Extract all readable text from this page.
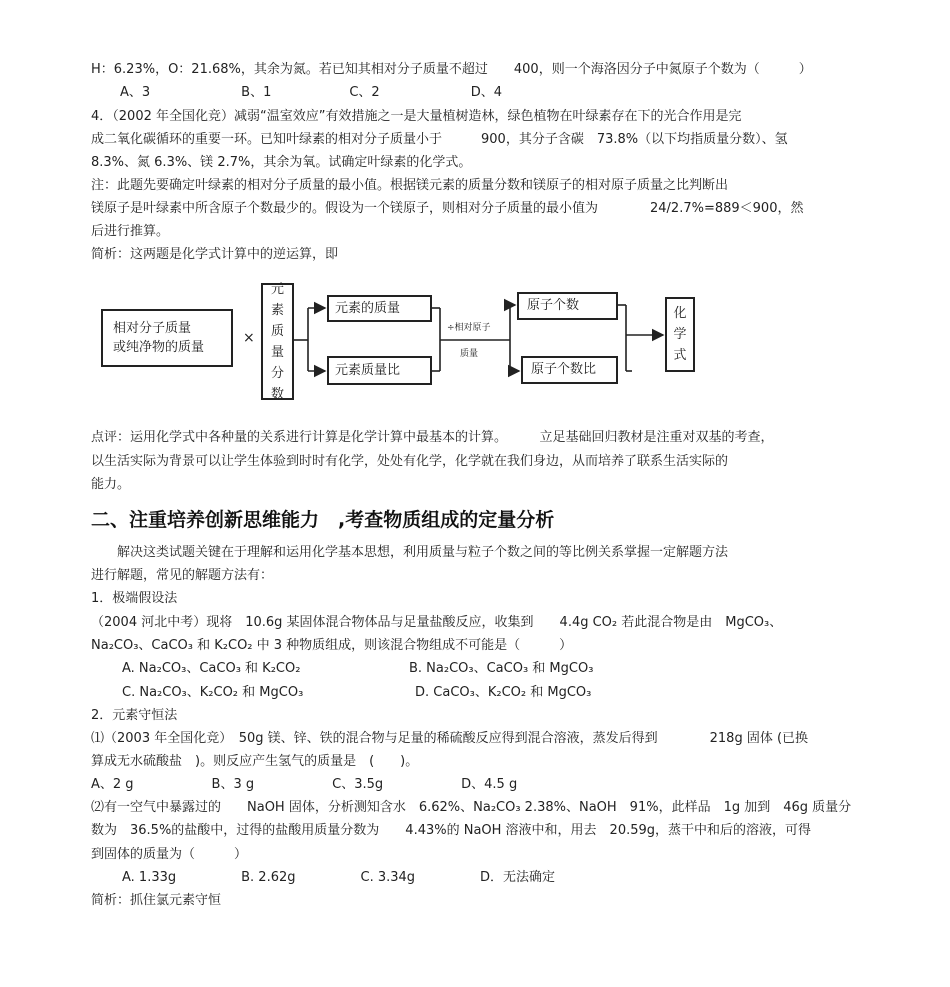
H：6.23%，O：21.68%，其余为氮。若已知其相对分子质量不超过　　400，则一个海洛因分子中氮原子个数为（　　　）
A、3　　　　　　　B、1　　　　　　C、2　　　　　　　D、4
4．（2002 年全国化竞）减弱“温室效应”有效措施之一是大量植树造林，绿色植物在叶绿素存在下的光合作用是完
成二氧化碳循环的重要一环。已知叶绿素的相对分子质量小于　　　900，其分子含碳　73.8%（以下均指质量分数）、氢
8.3%、氮 6.3%、镁 2.7%，其余为氧。试确定叶绿素的化学式。
注：此题先要确定叶绿素的相对分子质量的最小值。根据镁元素的质量分数和镁原子的相对原子质量之比判断出
镁原子是叶绿素中所含原子个数最少的。假设为一个镁原子，则相对分子质量的最小值为　　　　24/2.7%=889＜900，然
后进行推算。
简析：这两题是化学式计算中的逆运算，即
相对分子质量
或纯净物的质量
×
元
素
质
量
分
数
元素的质量
元素质量比
÷相对原子
质量
原子个数
原子个数比
化
学
式
点评：运用化学式中各种量的关系进行计算是化学计算中最基本的计算。　　　立足基础回归教材是注重对双基的考查，
以生活实际为背景可以让学生体验到时时有化学，处处有化学，化学就在我们身边，从而培养了联系生活实际的
能力。
二、注重培养创新思维能力　,考查物质组成的定量分析
　　解决这类试题关键在于理解和运用化学基本思想，利用质量与粒子个数之间的等比例关系掌握一定解题方法
进行解题，常见的解题方法有：
1．极端假设法
（2004 河北中考）现将　10.6g 某固体混合物体品与足量盐酸反应，收集到　　4.4g CO₂ 若此混合物是由　MgCO₃、
Na₂CO₃、CaCO₃ 和 K₂CO₂ 中 3 种物质组成，则该混合物组成不可能是（　　　）
A. Na₂CO₃、CaCO₃ 和 K₂CO₂	B. Na₂CO₃、CaCO₃ 和 MgCO₃
C. Na₂CO₃、K₂CO₂ 和 MgCO₃	D. CaCO₃、K₂CO₂ 和 MgCO₃
2．元素守恒法
⑴（2003 年全国化竞）　50g 镁、锌、铁的混合物与足量的稀硫酸反应得到混合溶液，蒸发后得到　　　　218g 固体 (已换
算成无水硫酸盐　)。则反应产生氢气的质量是　(　　)。
A、2 g　　　　　　B、3 g　　　　　　C、3.5g　　　　　　D、4.5 g
⑵有一空气中暴露过的　　NaOH 固体，分析测知含水　6.62%、Na₂CO₃ 2.38%、NaOH　91%，此样品　1g 加到　46g 质量分
数为　36.5%的盐酸中，过得的盐酸用质量分数为　　4.43%的 NaOH 溶液中和，用去　20.59g，蒸干中和后的溶液，可得
到固体的质量为（　　　）
A. 1.33g　　　　　B. 2.62g　　　　　C. 3.34g　　　　　D．无法确定
简析：抓住氯元素守恒
